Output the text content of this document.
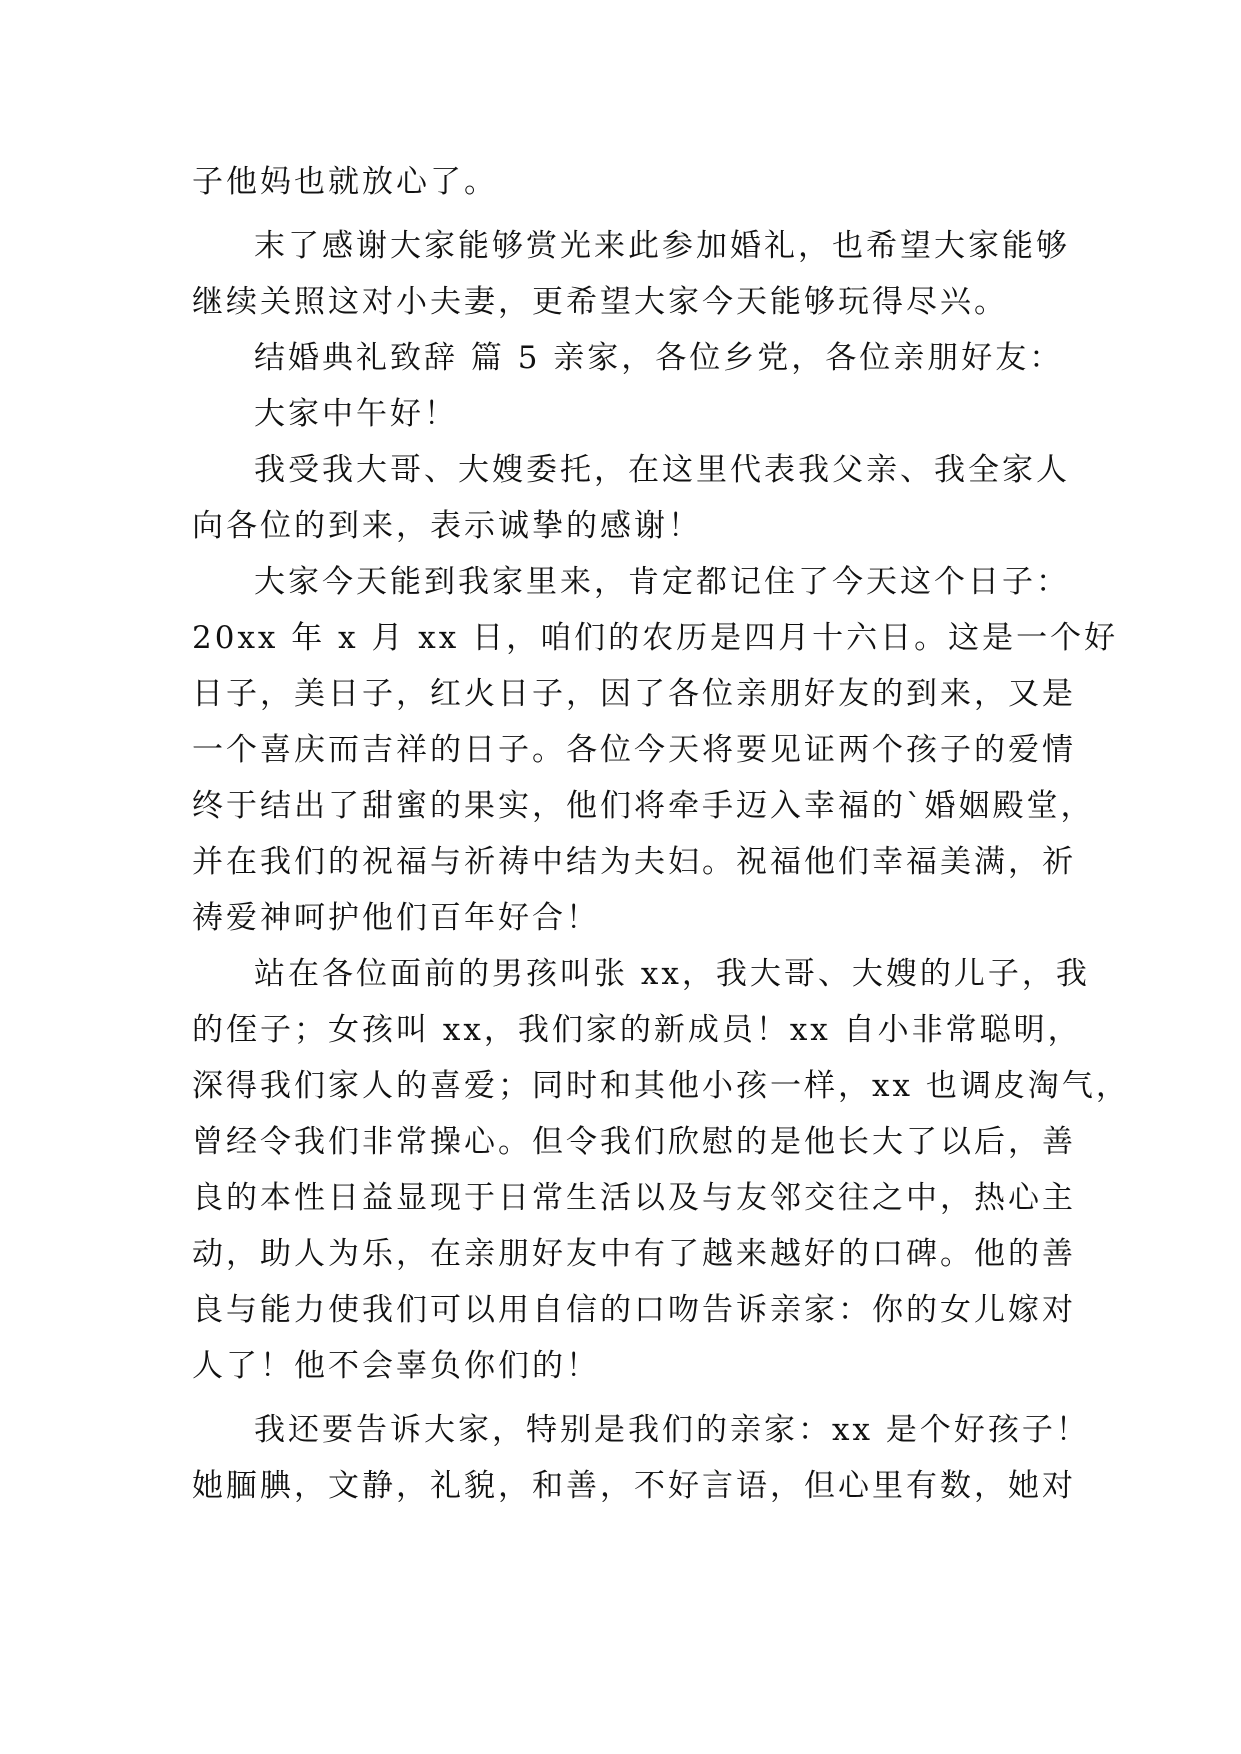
子他妈也就放心了。
末了感谢大家能够赏光来此参加婚礼，也希望大家能够
继续关照这对小夫妻，更希望大家今天能够玩得尽兴。
结婚典礼致辞 篇 5 亲家，各位乡党，各位亲朋好友：
大家中午好！
我受我大哥、大嫂委托，在这里代表我父亲、我全家人
向各位的到来，表示诚挚的感谢！
大家今天能到我家里来，肯定都记住了今天这个日子：
20xx 年 x 月 xx 日，咱们的农历是四月十六日。这是一个好
日子，美日子，红火日子，因了各位亲朋好友的到来，又是
一个喜庆而吉祥的日子。各位今天将要见证两个孩子的爱情
终于结出了甜蜜的果实，他们将牵手迈入幸福的`婚姻殿堂，
并在我们的祝福与祈祷中结为夫妇。祝福他们幸福美满，祈
祷爱神呵护他们百年好合！
站在各位面前的男孩叫张 xx，我大哥、大嫂的儿子，我
的侄子；女孩叫 xx，我们家的新成员！xx 自小非常聪明，
深得我们家人的喜爱；同时和其他小孩一样，xx 也调皮淘气，
曾经令我们非常操心。但令我们欣慰的是他长大了以后，善
良的本性日益显现于日常生活以及与友邻交往之中，热心主
动，助人为乐，在亲朋好友中有了越来越好的口碑。他的善
良与能力使我们可以用自信的口吻告诉亲家：你的女儿嫁对
人了！他不会辜负你们的！
我还要告诉大家，特别是我们的亲家：xx 是个好孩子！
她腼腆，文静，礼貌，和善，不好言语，但心里有数，她对
